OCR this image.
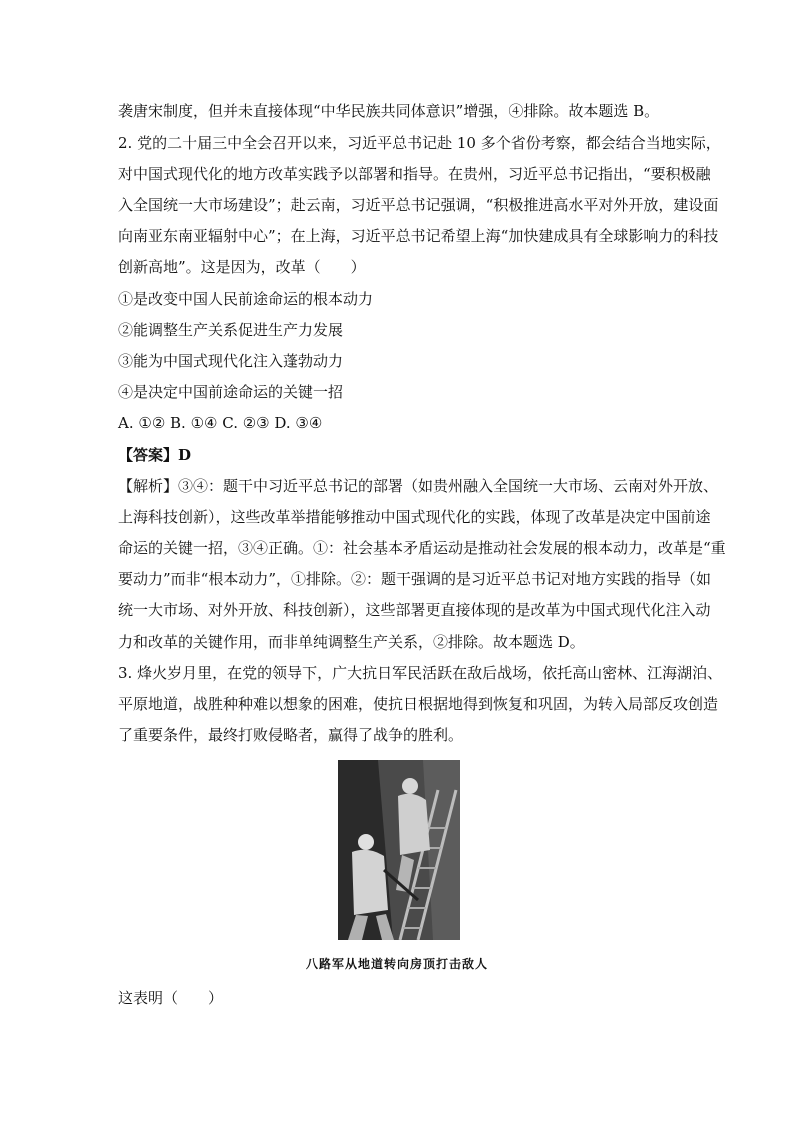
袭唐宋制度，但并未直接体现“中华民族共同体意识”增强，④排除。故本题选 B。
2. 党的二十届三中全会召开以来，习近平总书记赴 10 多个省份考察，都会结合当地实际，
对中国式现代化的地方改革实践予以部署和指导。在贵州，习近平总书记指出，“要积极融
入全国统一大市场建设”；赴云南，习近平总书记强调，“积极推进高水平对外开放，建设面
向南亚东南亚辐射中心”；在上海，习近平总书记希望上海“加快建成具有全球影响力的科技
创新高地”。这是因为，改革（　　）
①是改变中国人民前途命运的根本动力
②能调整生产关系促进生产力发展
③能为中国式现代化注入蓬勃动力
④是决定中国前途命运的关键一招
A. ①② B. ①④ C. ②③ D. ③④
【答案】D
【解析】③④：题干中习近平总书记的部署（如贵州融入全国统一大市场、云南对外开放、
上海科技创新），这些改革举措能够推动中国式现代化的实践，体现了改革是决定中国前途
命运的关键一招，③④正确。①：社会基本矛盾运动是推动社会发展的根本动力，改革是“重
要动力”而非“根本动力”，①排除。②：题干强调的是习近平总书记对地方实践的指导（如
统一大市场、对外开放、科技创新），这些部署更直接体现的是改革为中国式现代化注入动
力和改革的关键作用，而非单纯调整生产关系，②排除。故本题选 D。
3. 烽火岁月里，在党的领导下，广大抗日军民活跃在敌后战场，依托高山密林、江海湖泊、
平原地道，战胜种种难以想象的困难，使抗日根据地得到恢复和巩固，为转入局部反攻创造
了重要条件，最终打败侵略者，赢得了战争的胜利。
八路军从地道转向房顶打击敌人
这表明（　　）
